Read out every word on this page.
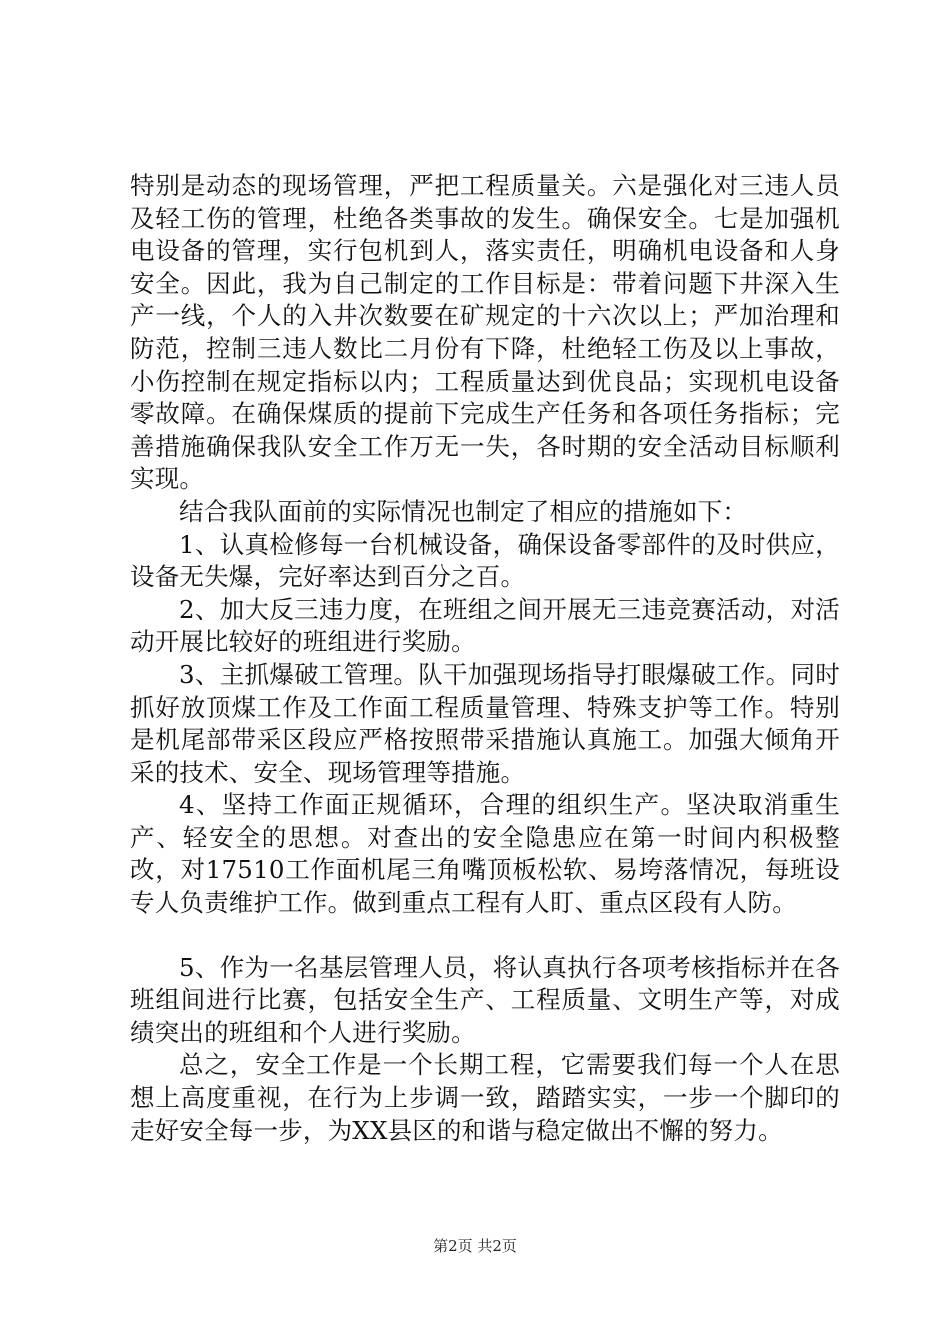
特别是动态的现场管理，严把工程质量关。六是强化对三违人员及轻工伤的管理，杜绝各类事故的发生。确保安全。七是加强机电设备的管理，实行包机到人，落实责任，明确机电设备和人身安全。因此，我为自己制定的工作目标是：带着问题下井深入生产一线，个人的入井次数要在矿规定的十六次以上；严加治理和防范，控制三违人数比二月份有下降，杜绝轻工伤及以上事故，小伤控制在规定指标以内；工程质量达到优良品；实现机电设备零故障。在确保煤质的提前下完成生产任务和各项任务指标；完善措施确保我队安全工作万无一失，各时期的安全活动目标顺利实现。

结合我队面前的实际情况也制定了相应的措施如下：

1、认真检修每一台机械设备，确保设备零部件的及时供应，设备无失爆，完好率达到百分之百。

2、加大反三违力度，在班组之间开展无三违竞赛活动，对活动开展比较好的班组进行奖励。

3、主抓爆破工管理。队干加强现场指导打眼爆破工作。同时抓好放顶煤工作及工作面工程质量管理、特殊支护等工作。特别是机尾部带采区段应严格按照带采措施认真施工。加强大倾角开采的技术、安全、现场管理等措施。

4、坚持工作面正规循环，合理的组织生产。坚决取消重生产、轻安全的思想。对查出的安全隐患应在第一时间内积极整改，对17510工作面机尾三角嘴顶板松软、易垮落情况，每班设专人负责维护工作。做到重点工程有人盯、重点区段有人防。

5、作为一名基层管理人员，将认真执行各项考核指标并在各班组间进行比赛，包括安全生产、工程质量、文明生产等，对成绩突出的班组和个人进行奖励。

总之，安全工作是一个长期工程，它需要我们每一个人在思想上高度重视，在行为上步调一致，踏踏实实，一步一个脚印的走好安全每一步，为XX县区的和谐与稳定做出不懈的努力。

第2页 共2页
